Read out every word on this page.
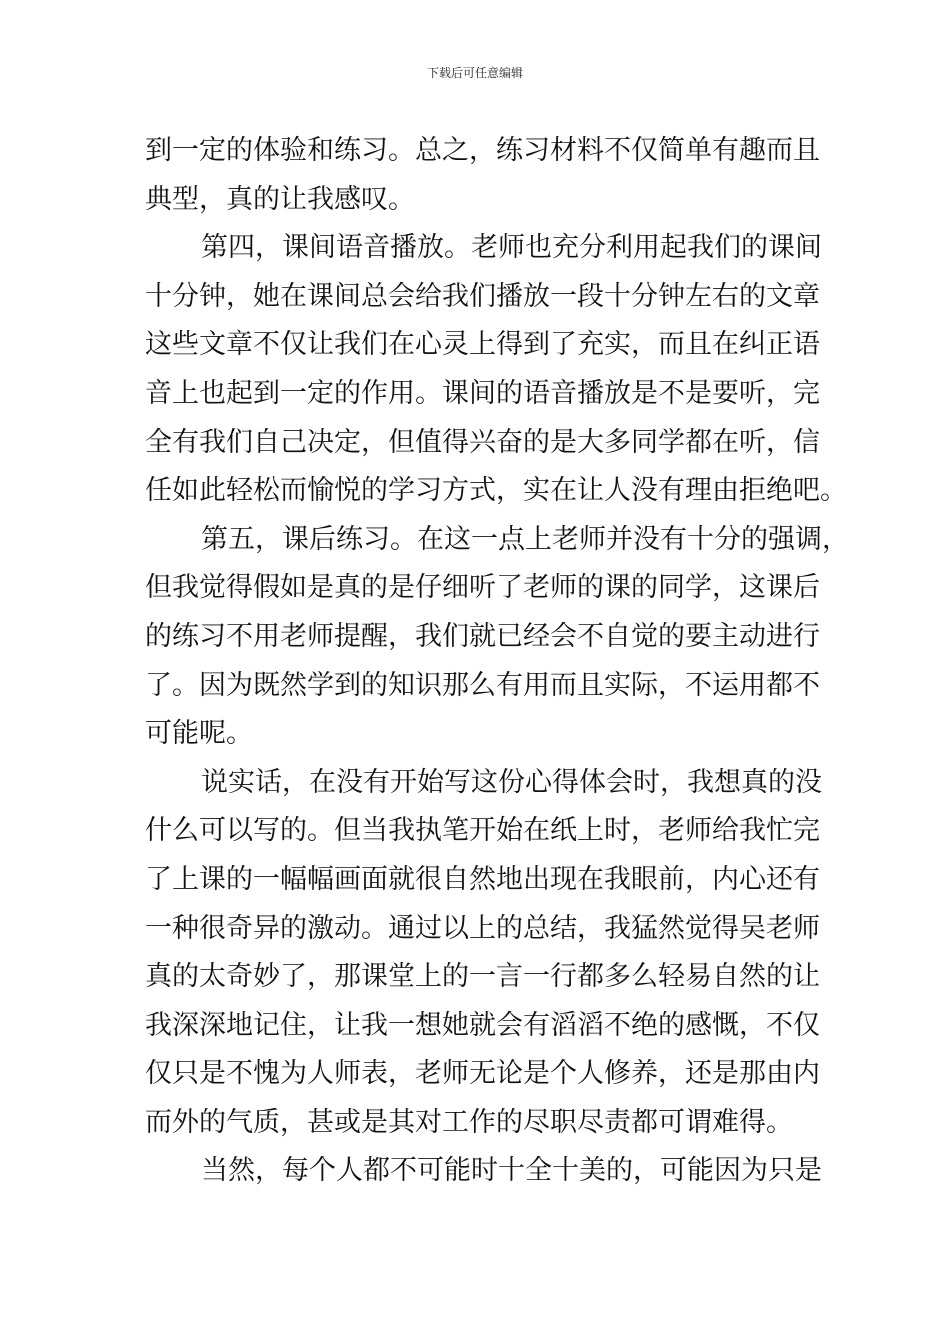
下载后可任意编辑
到一定的体验和练习。总之，练习材料不仅简单有趣而且
典型，真的让我感叹。
第四，课间语音播放。老师也充分利用起我们的课间
十分钟，她在课间总会给我们播放一段十分钟左右的文章
这些文章不仅让我们在心灵上得到了充实，而且在纠正语
音上也起到一定的作用。课间的语音播放是不是要听，完
全有我们自己决定，但值得兴奋的是大多同学都在听，信
任如此轻松而愉悦的学习方式，实在让人没有理由拒绝吧。
第五，课后练习。在这一点上老师并没有十分的强调，
但我觉得假如是真的是仔细听了老师的课的同学，这课后
的练习不用老师提醒，我们就已经会不自觉的要主动进行
了。因为既然学到的知识那么有用而且实际，不运用都不
可能呢。
说实话，在没有开始写这份心得体会时，我想真的没
什么可以写的。但当我执笔开始在纸上时，老师给我忙完
了上课的一幅幅画面就很自然地出现在我眼前，内心还有
一种很奇异的激动。通过以上的总结，我猛然觉得吴老师
真的太奇妙了，那课堂上的一言一行都多么轻易自然的让
我深深地记住，让我一想她就会有滔滔不绝的感慨，不仅
仅只是不愧为人师表，老师无论是个人修养，还是那由内
而外的气质，甚或是其对工作的尽职尽责都可谓难得。
当然，每个人都不可能时十全十美的，可能因为只是
